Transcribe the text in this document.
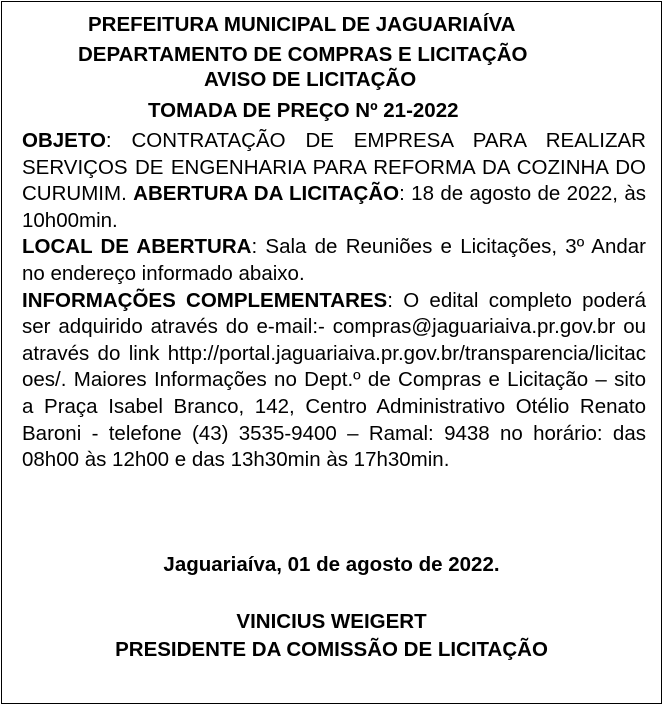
PREFEITURA MUNICIPAL DE JAGUARIAÍVA
DEPARTAMENTO DE COMPRAS E LICITAÇÃO
AVISO DE LICITAÇÃO
TOMADA DE PREÇO Nº 21-2022

OBJETO: CONTRATAÇÃO DE EMPRESA PARA REALIZAR SERVIÇOS DE ENGENHARIA PARA REFORMA DA COZINHA DO CURUMIM. ABERTURA DA LICITAÇÃO: 18 de agosto de 2022, às 10h00min.

LOCAL DE ABERTURA: Sala de Reuniões e Licitações, 3º Andar no endereço informado abaixo.

INFORMAÇÕES COMPLEMENTARES: O edital completo poderá ser adquirido através do e-mail:- compras@jaguariaiva.pr.gov.br ou através do link http://portal.jaguariaiva.pr.gov.br/transparencia/licitacoes/. Maiores Informações no Dept.º de Compras e Licitação – sito a Praça Isabel Branco, 142, Centro Administrativo Otélio Renato Baroni - telefone (43) 3535-9400 – Ramal: 9438 no horário: das 08h00 às 12h00 e das 13h30min às 17h30min.

Jaguariaíva, 01 de agosto de 2022.
VINICIUS WEIGERT
PRESIDENTE DA COMISSÃO DE LICITAÇÃO
